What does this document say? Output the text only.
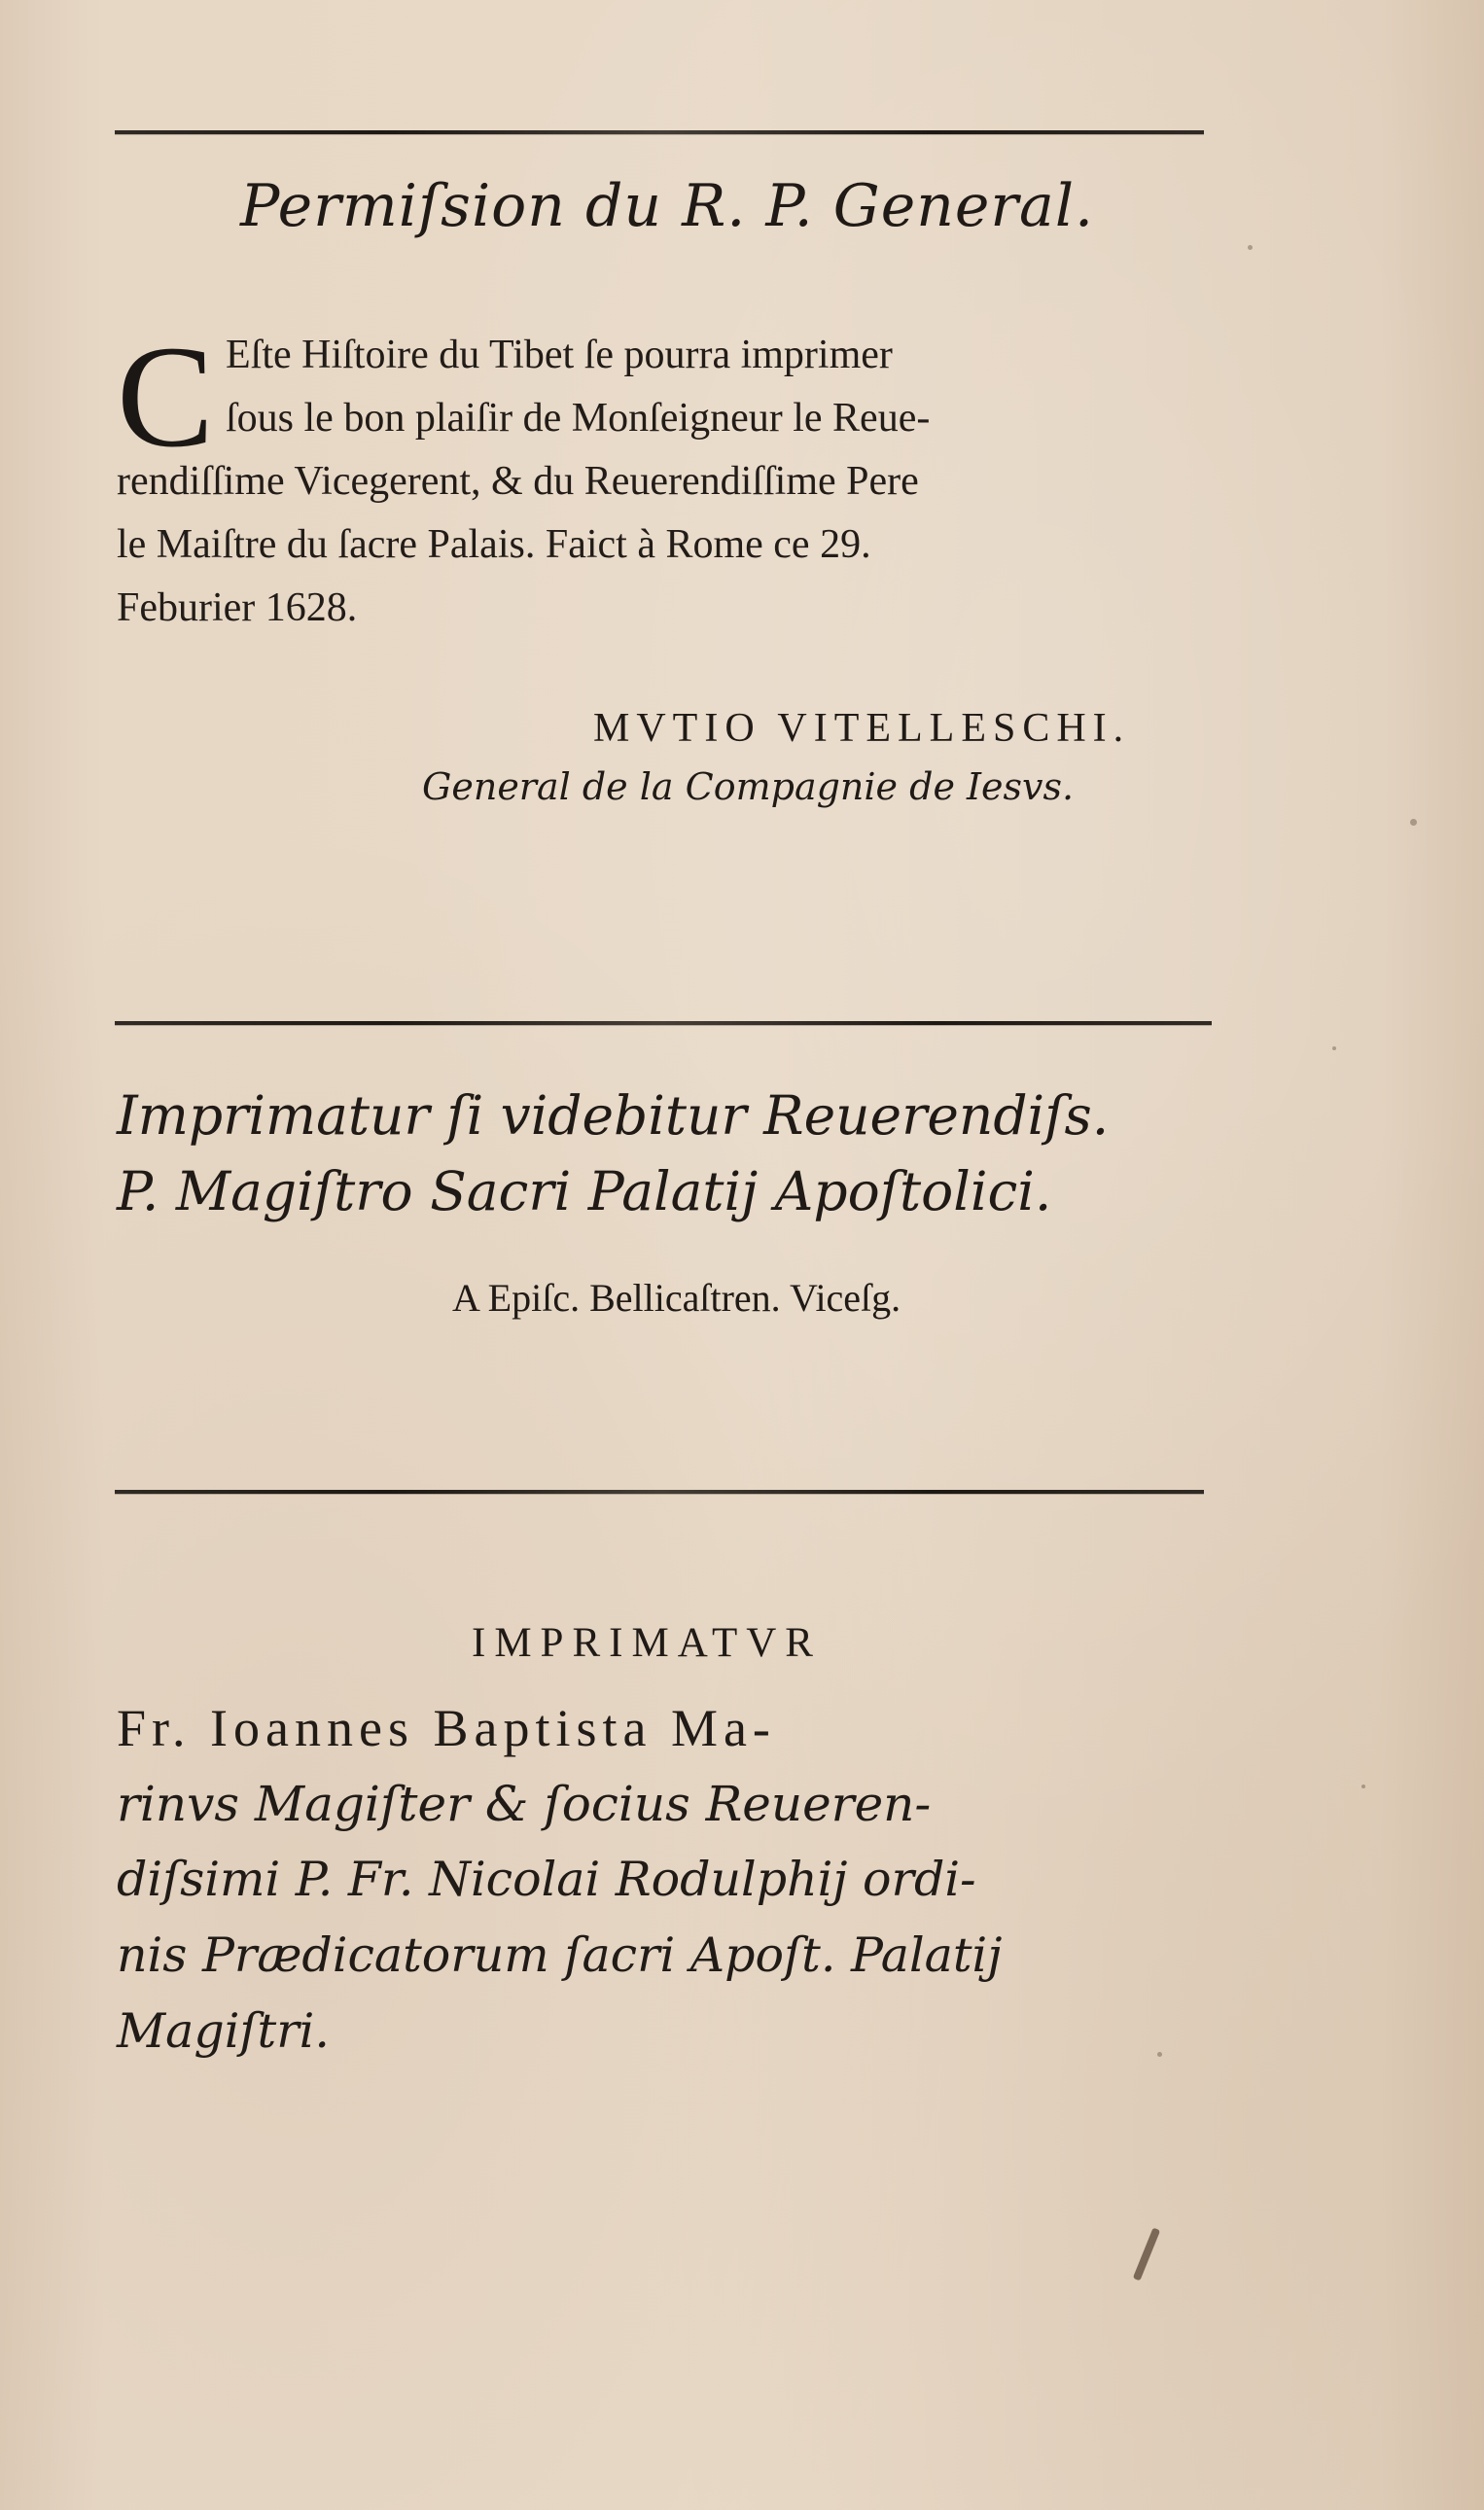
Permiſsion du R. P. General.
C Eſte Hiſtoire du Tibet ſe pourra imprimer
ſous le bon plaiſir de Monſeigneur le Reue-
rendiſſime Vicegerent, & du Reuerendiſſime Pere
le Maiſtre du ſacre Palais. Faict à Rome ce 29.
Feburier 1628.
MVTIO VITELLESCHI.
General de la Compagnie de Iesvs.
Imprimatur ſi videbitur Reuerendiſs.
P. Magiſtro Sacri Palatij Apoſtolici.
A Epiſc. Bellicaſtren. Viceſg.
IMPRIMATVR
Fr. Ioannes Baptista Ma-
rinvs Magiſter & ſocius Reueren-
diſsimi P. Fr. Nicolai Rodulphij ordi-
nis Prædicatorum ſacri Apoſt. Palatij
Magiſtri.
